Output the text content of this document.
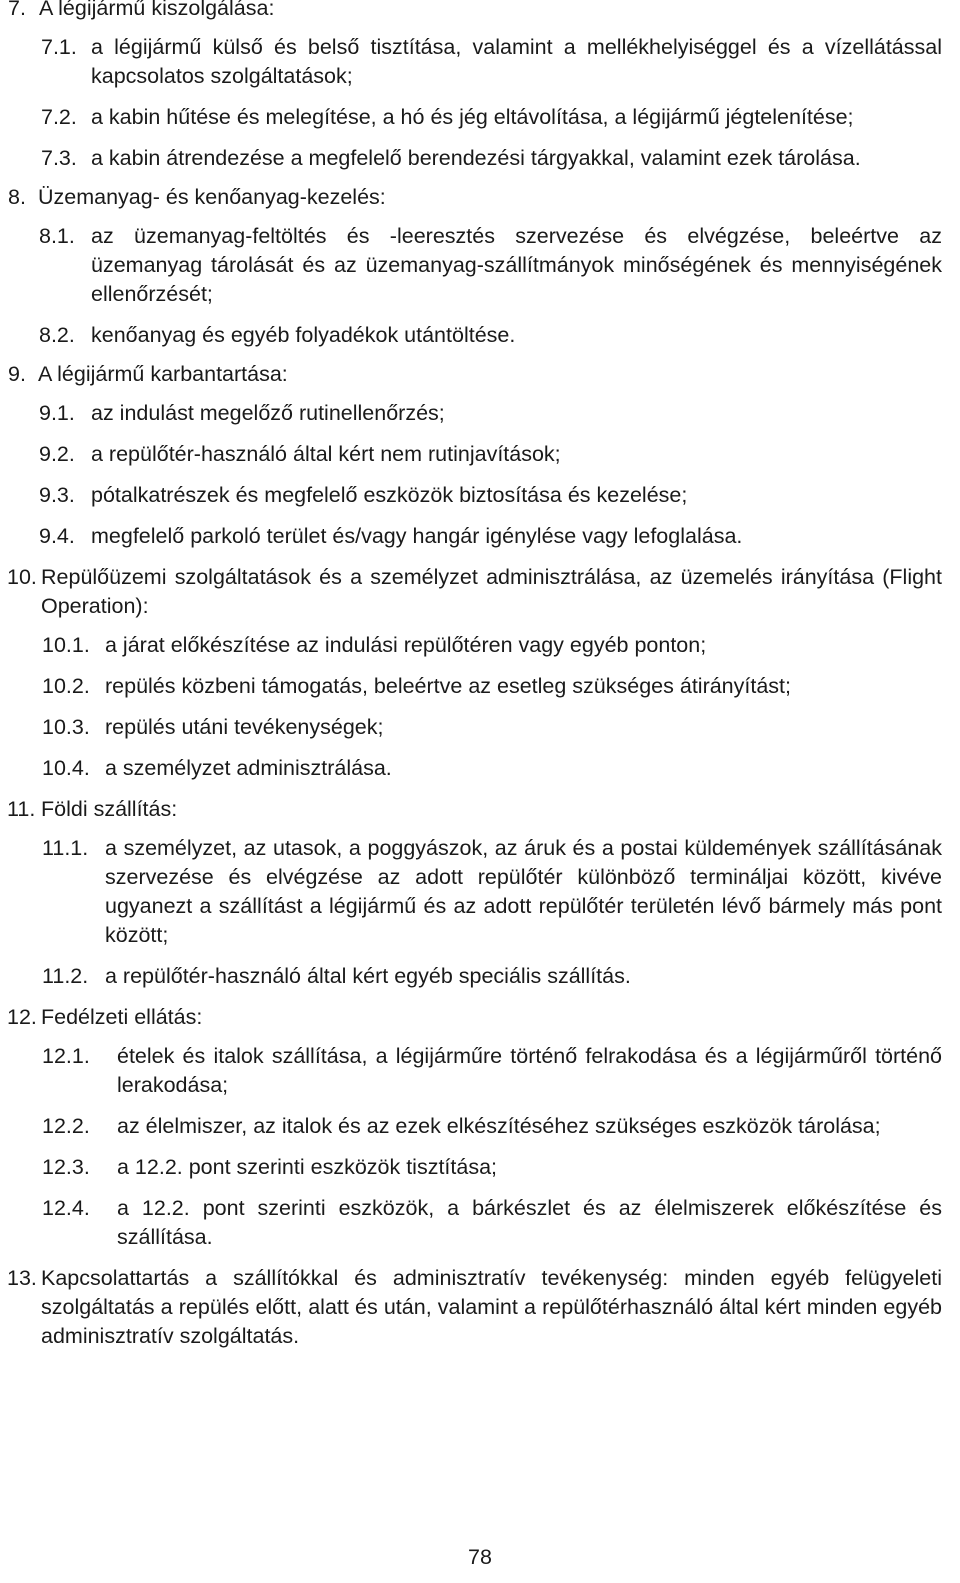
7. A légijármű kiszolgálása:
7.1. a légijármű külső és belső tisztítása, valamint a mellékhelyiséggel és a vízellátással kapcsolatos szolgáltatások;
7.2. a kabin hűtése és melegítése, a hó és jég eltávolítása, a légijármű jégtelenítése;
7.3. a kabin átrendezése a megfelelő berendezési tárgyakkal, valamint ezek tárolása.
8. Üzemanyag- és kenőanyag-kezelés:
8.1. az üzemanyag-feltöltés és -leeresztés szervezése és elvégzése, beleértve az üzemanyag tárolását és az üzemanyag-szállítmányok minőségének és mennyiségének ellenőrzését;
8.2. kenőanyag és egyéb folyadékok utántöltése.
9. A légijármű karbantartása:
9.1. az indulást megelőző rutinellenőrzés;
9.2. a repülőtér-használó által kért nem rutinjavítások;
9.3. pótalkatrészek és megfelelő eszközök biztosítása és kezelése;
9.4. megfelelő parkoló terület és/vagy hangár igénylése vagy lefoglalása.
10. Repülőüzemi szolgáltatások és a személyzet adminisztrálása, az üzemelés irányítása (Flight Operation):
10.1. a járat előkészítése az indulási repülőtéren vagy egyéb ponton;
10.2. repülés közbeni támogatás, beleértve az esetleg szükséges átirányítást;
10.3. repülés utáni tevékenységek;
10.4. a személyzet adminisztrálása.
11. Földi szállítás:
11.1. a személyzet, az utasok, a poggyászok, az áruk és a postai küldemények szállításának szervezése és elvégzése az adott repülőtér különböző termináljai között, kivéve ugyanezt a szállítást a légijármű és az adott repülőtér területén lévő bármely más pont között;
11.2. a repülőtér-használó által kért egyéb speciális szállítás.
12. Fedélzeti ellátás:
12.1.	ételek és italok szállítása, a légijárműre történő felrakodása és a légijárműről történő lerakodása;
12.2.	az élelmiszer, az italok és az ezek elkészítéséhez szükséges eszközök tárolása;
12.3.	a 12.2. pont szerinti eszközök tisztítása;
12.4.	a 12.2. pont szerinti eszközök, a bárkészlet és az élelmiszerek előkészítése és szállítása.
13. Kapcsolattartás a szállítókkal és adminisztratív tevékenység: minden egyéb felügyeleti szolgáltatás a repülés előtt, alatt és után, valamint a repülőtérhasználó által kért minden egyéb adminisztratív szolgáltatás.
78
